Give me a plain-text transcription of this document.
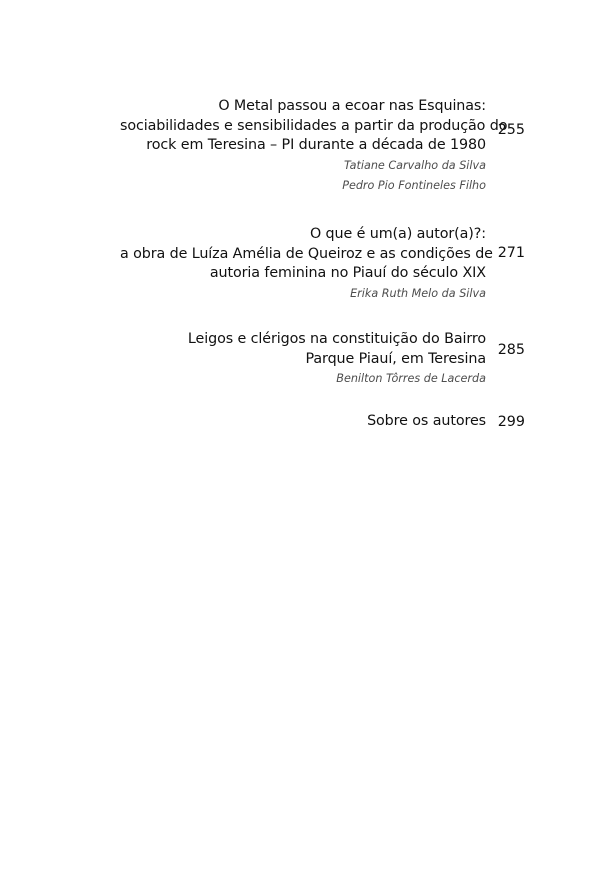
O Metal passou a ecoar nas Esquinas:
sociabilidades e sensibilidades a partir da produção do
rock em Teresina – PI durante a década de 1980
Tatiane Carvalho da Silva
Pedro Pio Fontineles Filho
255
O que é um(a) autor(a)?:
a obra de Luíza Amélia de Queiroz e as condições de
autoria feminina no Piauí do século XIX
Erika Ruth Melo da Silva
271
Leigos e clérigos na constituição do Bairro
Parque Piauí, em Teresina
Benilton Tôrres de Lacerda
285
Sobre os autores 299
